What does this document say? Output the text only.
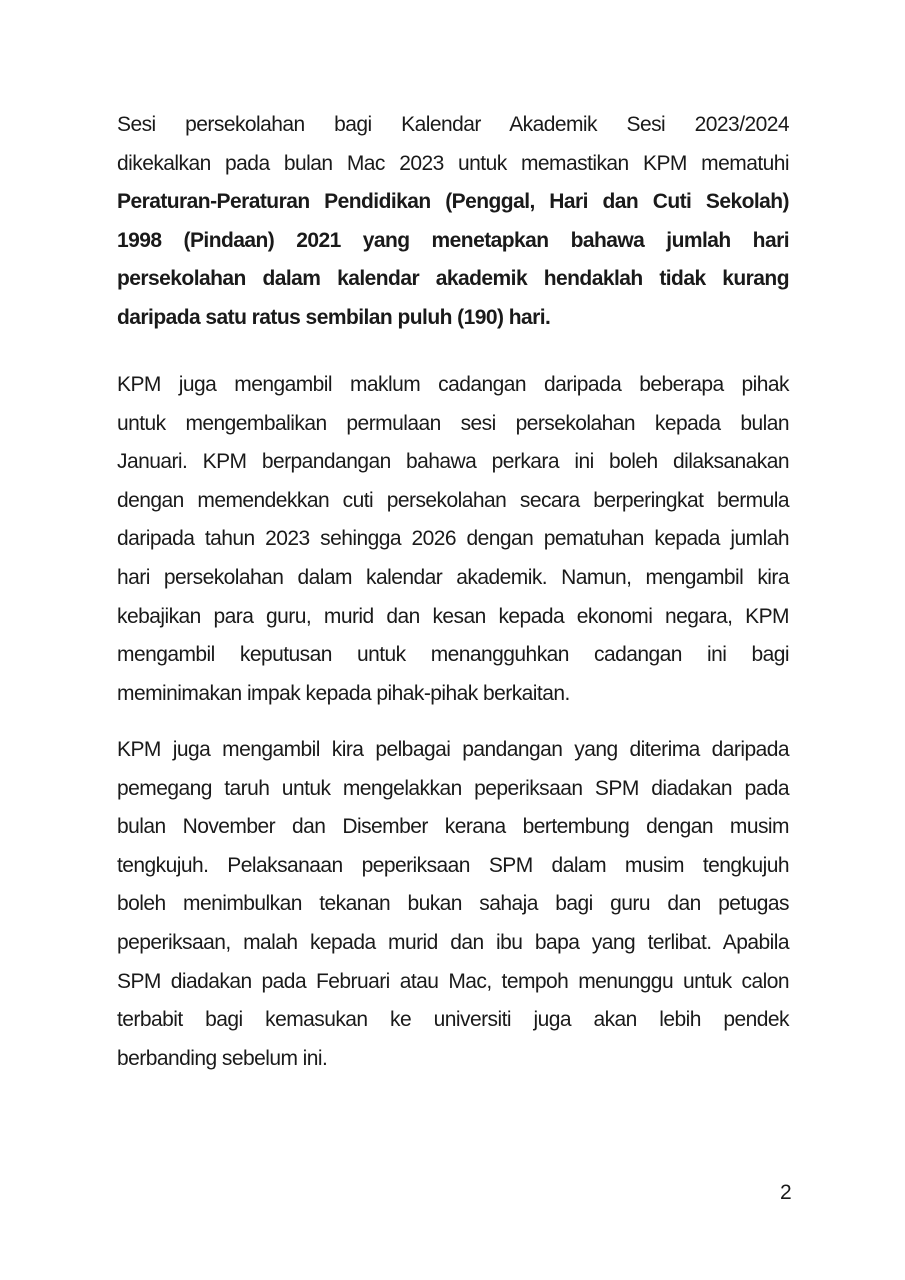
Sesi persekolahan bagi Kalendar Akademik Sesi 2023/2024
dikekalkan pada bulan Mac 2023 untuk memastikan KPM mematuhi
Peraturan-Peraturan Pendidikan (Penggal, Hari dan Cuti Sekolah)
1998 (Pindaan) 2021 yang menetapkan bahawa jumlah hari
persekolahan dalam kalendar akademik hendaklah tidak kurang
daripada satu ratus sembilan puluh (190) hari.
KPM juga mengambil maklum cadangan daripada beberapa pihak
untuk mengembalikan permulaan sesi persekolahan kepada bulan
Januari. KPM berpandangan bahawa perkara ini boleh dilaksanakan
dengan memendekkan cuti persekolahan secara berperingkat bermula
daripada tahun 2023 sehingga 2026 dengan pematuhan kepada jumlah
hari persekolahan dalam kalendar akademik. Namun, mengambil kira
kebajikan para guru, murid dan kesan kepada ekonomi negara, KPM
mengambil keputusan untuk menangguhkan cadangan ini bagi
meminimakan impak kepada pihak-pihak berkaitan.
KPM juga mengambil kira pelbagai pandangan yang diterima daripada
pemegang taruh untuk mengelakkan peperiksaan SPM diadakan pada
bulan November dan Disember kerana bertembung dengan musim
tengkujuh. Pelaksanaan peperiksaan SPM dalam musim tengkujuh
boleh menimbulkan tekanan bukan sahaja bagi guru dan petugas
peperiksaan, malah kepada murid dan ibu bapa yang terlibat. Apabila
SPM diadakan pada Februari atau Mac, tempoh menunggu untuk calon
terbabit bagi kemasukan ke universiti juga akan lebih pendek
berbanding sebelum ini.
2
